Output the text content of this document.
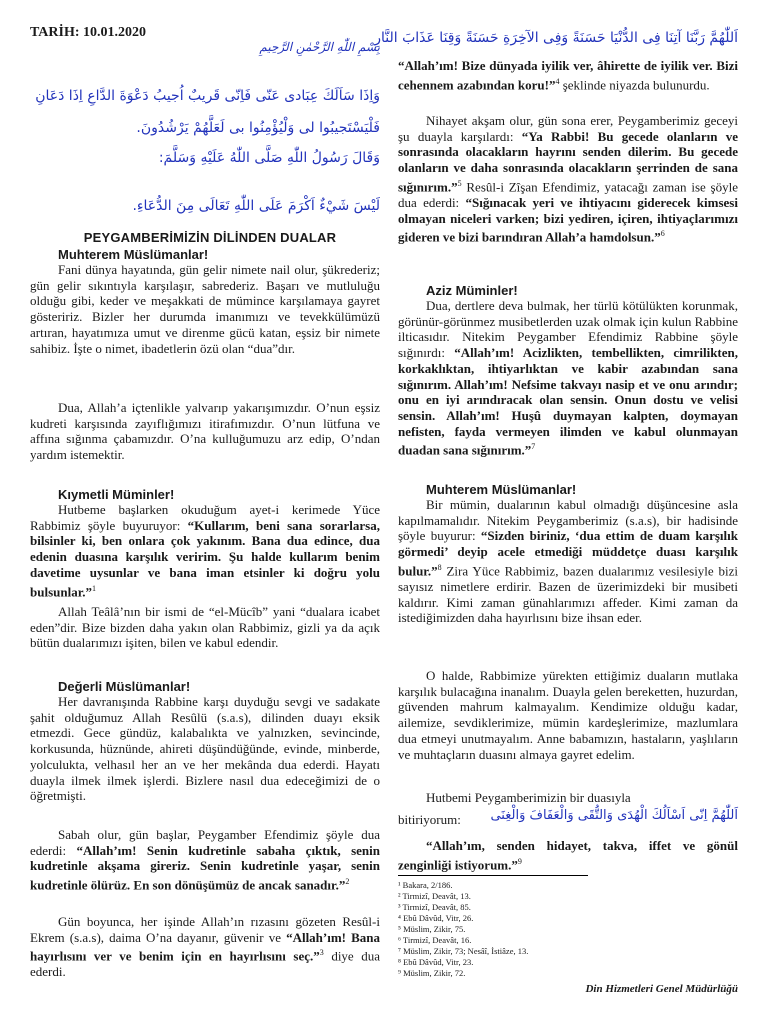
TARİH: 10.01.2020
بِسْمِ اللّٰهِ الرَّحْمٰنِ الرَّحِيمِ
وَاِذَا سَاَلَكَ عِبَادى عَنّى فَاِنّى قَريبٌ اُجيبُ دَعْوَةَ الدَّاعِ اِذَا دَعَانِ
فَلْيَسْتَجيبُوا لى وَلْيُؤْمِنُوا بى لَعَلَّهُمْ يَرْشُدُونَ.
وَقَالَ رَسُولُ اللّٰهِ صَلَّى اللّٰهُ عَلَيْهِ وَسَلَّمَ:
لَيْسَ شَيْءٌ اَكْرَمَ عَلَى اللّٰهِ تَعَالَى مِنَ الدُّعَاءِ.
PEYGAMBERİMİZİN DİLİNDEN DUALAR
Muhterem Müslümanlar!
Fani dünya hayatında, gün gelir nimete nail olur, şükrederiz; gün gelir sıkıntıyla karşılaşır, sabrederiz. Başarı ve mutluluğu olduğu gibi, keder ve meşakkati de mümince karşılamaya gayret gösteririz. Bizler her durumda imanımızı ve tevekkülümüzü artıran, hayatımıza umut ve direnme gücü katan, eşsiz bir nimete sahibiz. İşte o nimet, ibadetlerin özü olan “dua”dır.
Dua, Allah’a içtenlikle yalvarıp yakarışımızdır. O’nun eşsiz kudreti karşısında zayıflığımızı itirafımızdır. O’nun lütfuna ve affına sığınma çabamızdır. O’na kulluğumuzu arz edip, O’ndan yardım istemektir.
Kıymetli Müminler!
Hutbeme başlarken okuduğum ayet-i kerimede Yüce Rabbimiz şöyle buyuruyor: “Kullarım, beni sana sorarlarsa, bilsinler ki, ben onlara çok yakınım. Bana dua edince, dua edenin duasına karşılık veririm. Şu halde kullarım benim davetime uysunlar ve bana iman etsinler ki doğru yolu bulsunlar.”$^1$
Allah Teâlâ’nın bir ismi de “el-Mücîb” yani “dualara icabet eden”dir. Bize bizden daha yakın olan Rabbimiz, gizli ya da açık bütün dualarımızı işiten, bilen ve kabul edendir.
Değerli Müslümanlar!
Her davranışında Rabbine karşı duyduğu sevgi ve sadakate şahit olduğumuz Allah Resûlü (s.a.s), dilinden duayı eksik etmezdi. Gece gündüz, kalabalıkta ve yalnızken, sevincinde, korkusunda, hüznünde, ahireti düşündüğünde, evinde, minberde, yolculukta, velhasıl her an ve her mekânda dua ederdi. Hayatı duayla ilmek ilmek işlerdi. Bizlere nasıl dua edeceğimizi de o öğretmişti.
Sabah olur, gün başlar, Peygamber Efendimiz şöyle dua ederdi: “Allah’ım! Senin kudretinle sabaha çıktık, senin kudretinle akşama gireriz. Senin kudretinle yaşar, senin kudretinle ölürüz. En son dönüşümüz de ancak sanadır.”$^2$
Gün boyunca, her işinde Allah’ın rızasını gözeten Resûl-i Ekrem (s.a.s), daima O’na dayanır, güvenir ve “Allah’ım! Bana hayırlısını ver ve benim için en hayırlısını seç.”$^3$ diye dua ederdi.
اَللّٰهُمَّ رَبَّنَا آتِنَا فِى الدُّنْيَا حَسَنَةً وَفِى الآخِرَةِ حَسَنَةً وَقِنَا عَذَابَ النَّارِ
“Allah’ım! Bize dünyada iyilik ver, âhirette de iyilik ver. Bizi cehennem azabından koru!”$^4$ şeklinde niyazda bulunurdu.
Nihayet akşam olur, gün sona erer, Peygamberimiz geceyi şu duayla karşılardı: “Ya Rabbi! Bu gecede olanların ve sonrasında olacakların hayrını senden dilerim. Bu gecede olanların ve daha sonrasında olacakların şerrinden de sana sığınırım.”$^5$ Resûl-i Zîşan Efendimiz, yatacağı zaman ise şöyle dua ederdi: “Sığınacak yeri ve ihtiyacını giderecek kimsesi olmayan niceleri varken; bizi yediren, içiren, ihtiyaçlarımızı gideren ve bizi barındıran Allah’a hamdolsun.”$^6$
Aziz Müminler!
Dua, dertlere deva bulmak, her türlü kötülükten korunmak, görünür-görünmez musibetlerden uzak olmak için kulun Rabbine ilticasıdır. Nitekim Peygamber Efendimiz Rabbine şöyle sığınırdı: “Allah’ım! Acizlikten, tembellikten, cimrilikten, korkaklıktan, ihtiyarlıktan ve kabir azabından sana sığınırım. Allah’ım! Nefsime takvayı nasip et ve onu arındır; onu en iyi arındıracak olan sensin. Onun dostu ve velisi sensin. Allah’ım! Huşû duymayan kalpten, doymayan nefisten, fayda vermeyen ilimden ve kabul olunmayan duadan sana sığınırım.”$^7$
Muhterem Müslümanlar!
Bir mümin, dualarının kabul olmadığı düşüncesine asla kapılmamalıdır. Nitekim Peygamberimiz (s.a.s), bir hadisinde şöyle buyurur: “Sizden biriniz, ‘dua ettim de duam karşılık görmedi’ deyip acele etmediği müddetçe duası karşılık bulur.”$^8$ Zira Yüce Rabbimiz, bazen dualarımız vesilesiyle bizi sayısız nimetlere erdirir. Bazen de üzerimizdeki bir musibeti kaldırır. Kimi zaman günahlarımızı affeder. Kimi zaman da istediğimizden daha hayırlısını bize ihsan eder.
O halde, Rabbimize yürekten ettiğimiz duaların mutlaka karşılık bulacağına inanalım. Duayla gelen bereketten, huzurdan, güvenden mahrum kalmayalım. Kendimize olduğu kadar, ailemize, sevdiklerimize, mümin kardeşlerimize, mazlumlara dua etmeyi unutmayalım. Anne babamızın, hastaların, yaşlıların ve muhtaçların duasını almaya gayret edelim.
Hutbemi Peygamberimizin bir duasıyla
bitiriyorum: اَللّٰهُمَّ اِنّى اَسْاَلُكَ الْهُدَى وَالتُّقَى وَالْعَفَافَ وَالْغِنَى
“Allah’ım, senden hidayet, takva, iffet ve gönül zenginliği istiyorum.”$^9$
¹ Bakara, 2/186.
² Tirmizî, Deavât, 13.
³ Tirmizî, Deavât, 85.
⁴ Ebû Dâvûd, Vitr, 26.
⁵ Müslim, Zikir, 75.
⁶ Tirmizî, Deavât, 16.
⁷ Müslim, Zikir, 73; Nesâî, İstiâze, 13.
⁸ Ebû Dâvûd, Vitr, 23.
⁹ Müslim, Zikir, 72.
Din Hizmetleri Genel Müdürlüğü
